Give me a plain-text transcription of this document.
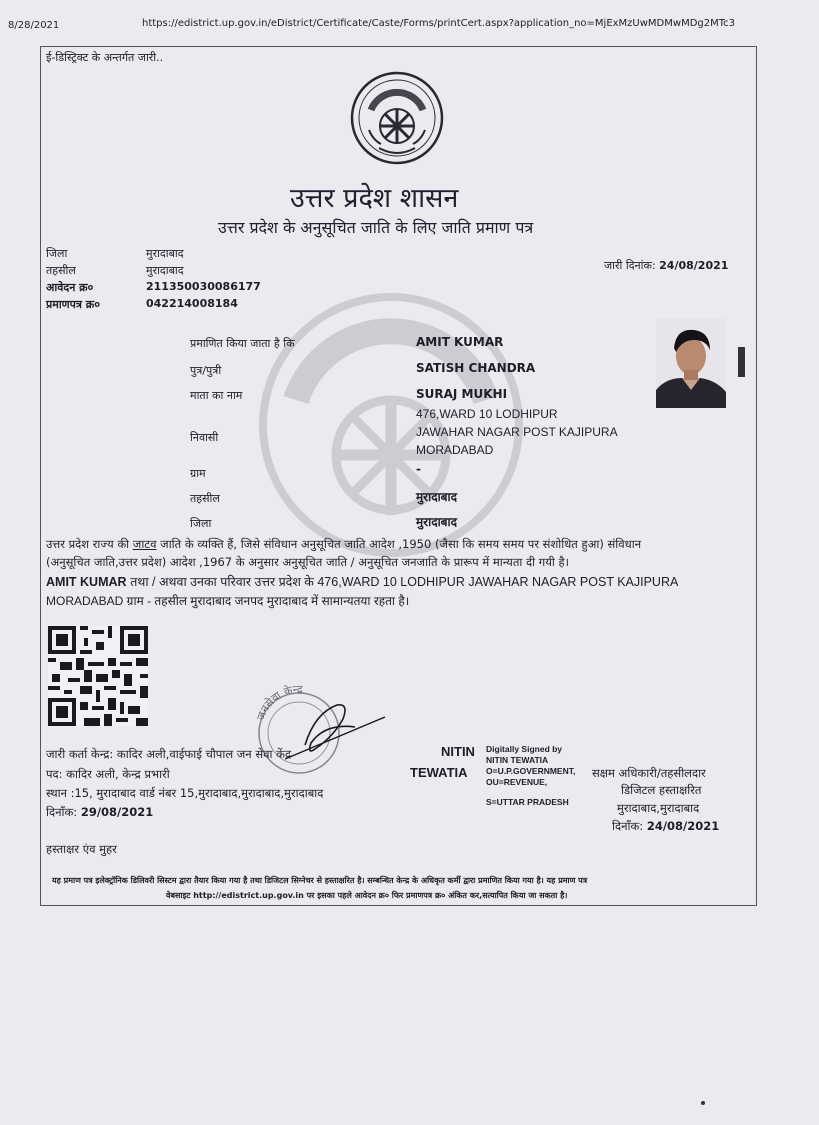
8/28/2021	https://edistrict.up.gov.in/eDistrict/Certificate/Caste/Forms/printCert.aspx?application_no=MjExMzUwMDMwMDg2MTc3
ई-डिस्ट्रिक्ट के अन्तर्गत जारी..
उत्तर प्रदेश शासन
उत्तर प्रदेश के अनुसूचित जाति के लिए जाति प्रमाण पत्र
जिला	मुरादाबाद
तहसील	मुरादाबाद
आवेदन क्र०	211350030086177
प्रमाणपत्र क्र०	042214008184
जारी दिनांक: 24/08/2021
प्रमाणित किया जाता है कि	AMIT KUMAR
पुत्र/पुत्री	SATISH CHANDRA
माता का नाम	SURAJ MUKHI
निवासी
476,WARD 10 LODHIPUR
JAWAHAR NAGAR POST KAJIPURA
MORADABAD
ग्राम	-
तहसील	मुरादाबाद
जिला	मुरादाबाद
उत्तर प्रदेश राज्य की जाटव जाति के व्यक्ति हैं, जिसे संविधान अनुसूचित जाति आदेश ,1950 (जैसा कि समय समय पर संशोधित हुआ) संविधान
(अनुसूचित जाति,उत्तर प्रदेश) आदेश ,1967 के अनुसार अनुसूचित जाति / अनुसूचित जनजाति के प्रारूप में मान्यता दी गयी है।
AMIT KUMAR तथा / अथवा उनका परिवार उत्तर प्रदेश के 476,WARD 10 LODHIPUR JAWAHAR NAGAR POST KAJIPURA
MORADABAD ग्राम - तहसील मुरादाबाद जनपद मुरादाबाद में सामान्यतया रहता है।
जनसेवा केन्द्र
जारी कर्ता केन्द्र: कादिर अली,वाईफाई चौपाल जन सेवा केंद्र
पद: कादिर अली, केन्द्र प्रभारी
स्थान :15, मुरादाबाद वार्ड नंबर 15,मुरादाबाद,मुरादाबाद,मुरादाबाद
दिनाँक: 29/08/2021
हस्ताक्षर एंव मुहर
NITIN
TEWATIA
Digitally Signed by
NITIN TEWATIA
O=U.P.GOVERNMENT,
OU=REVENUE,
S=UTTAR PRADESH
सक्षम अधिकारी/तहसीलदार
डिजिटल हस्ताक्षरित
मुरादाबाद,मुरादाबाद
दिनाँक: 24/08/2021
यह प्रमाण पत्र इलेक्ट्रॉनिक डिलिवरी सिस्टम द्वारा तैयार किया गया है तथा डिजिटल सिग्नेचर से हस्ताक्षरित है। सम्बन्धित केन्द्र के अधिकृत कर्मी द्वारा प्रमाणित किया गया है। यह प्रमाण पत्र
वेबसाइट http://edistrict.up.gov.in पर इसका पहले आवेदन क्र० फिर प्रमाणपत्र क्र० अंकित कर,सत्यापित किया जा सकता है।
